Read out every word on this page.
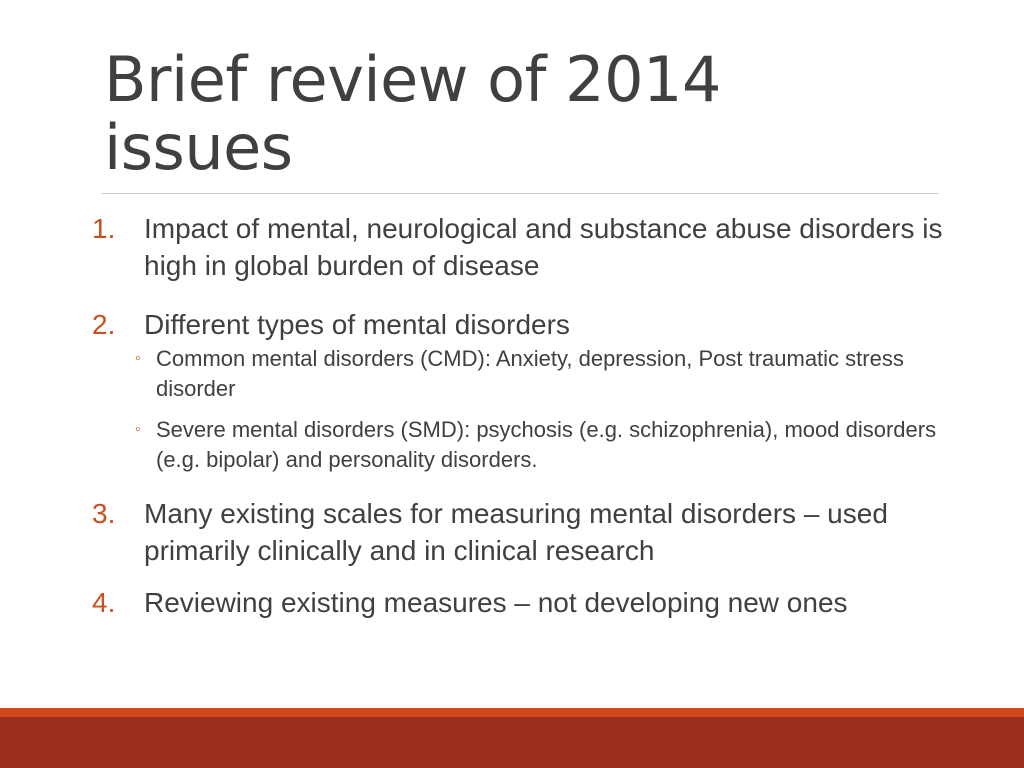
Brief review of 2014 issues
1. Impact of mental, neurological and substance abuse disorders is high in global burden of disease
2. Different types of mental disorders
◦ Common mental disorders (CMD): Anxiety, depression, Post traumatic stress disorder
◦ Severe mental disorders (SMD): psychosis (e.g. schizophrenia), mood disorders (e.g. bipolar) and personality disorders.
3. Many existing scales for measuring mental disorders – used primarily clinically and in clinical research
4. Reviewing existing measures – not developing new ones
